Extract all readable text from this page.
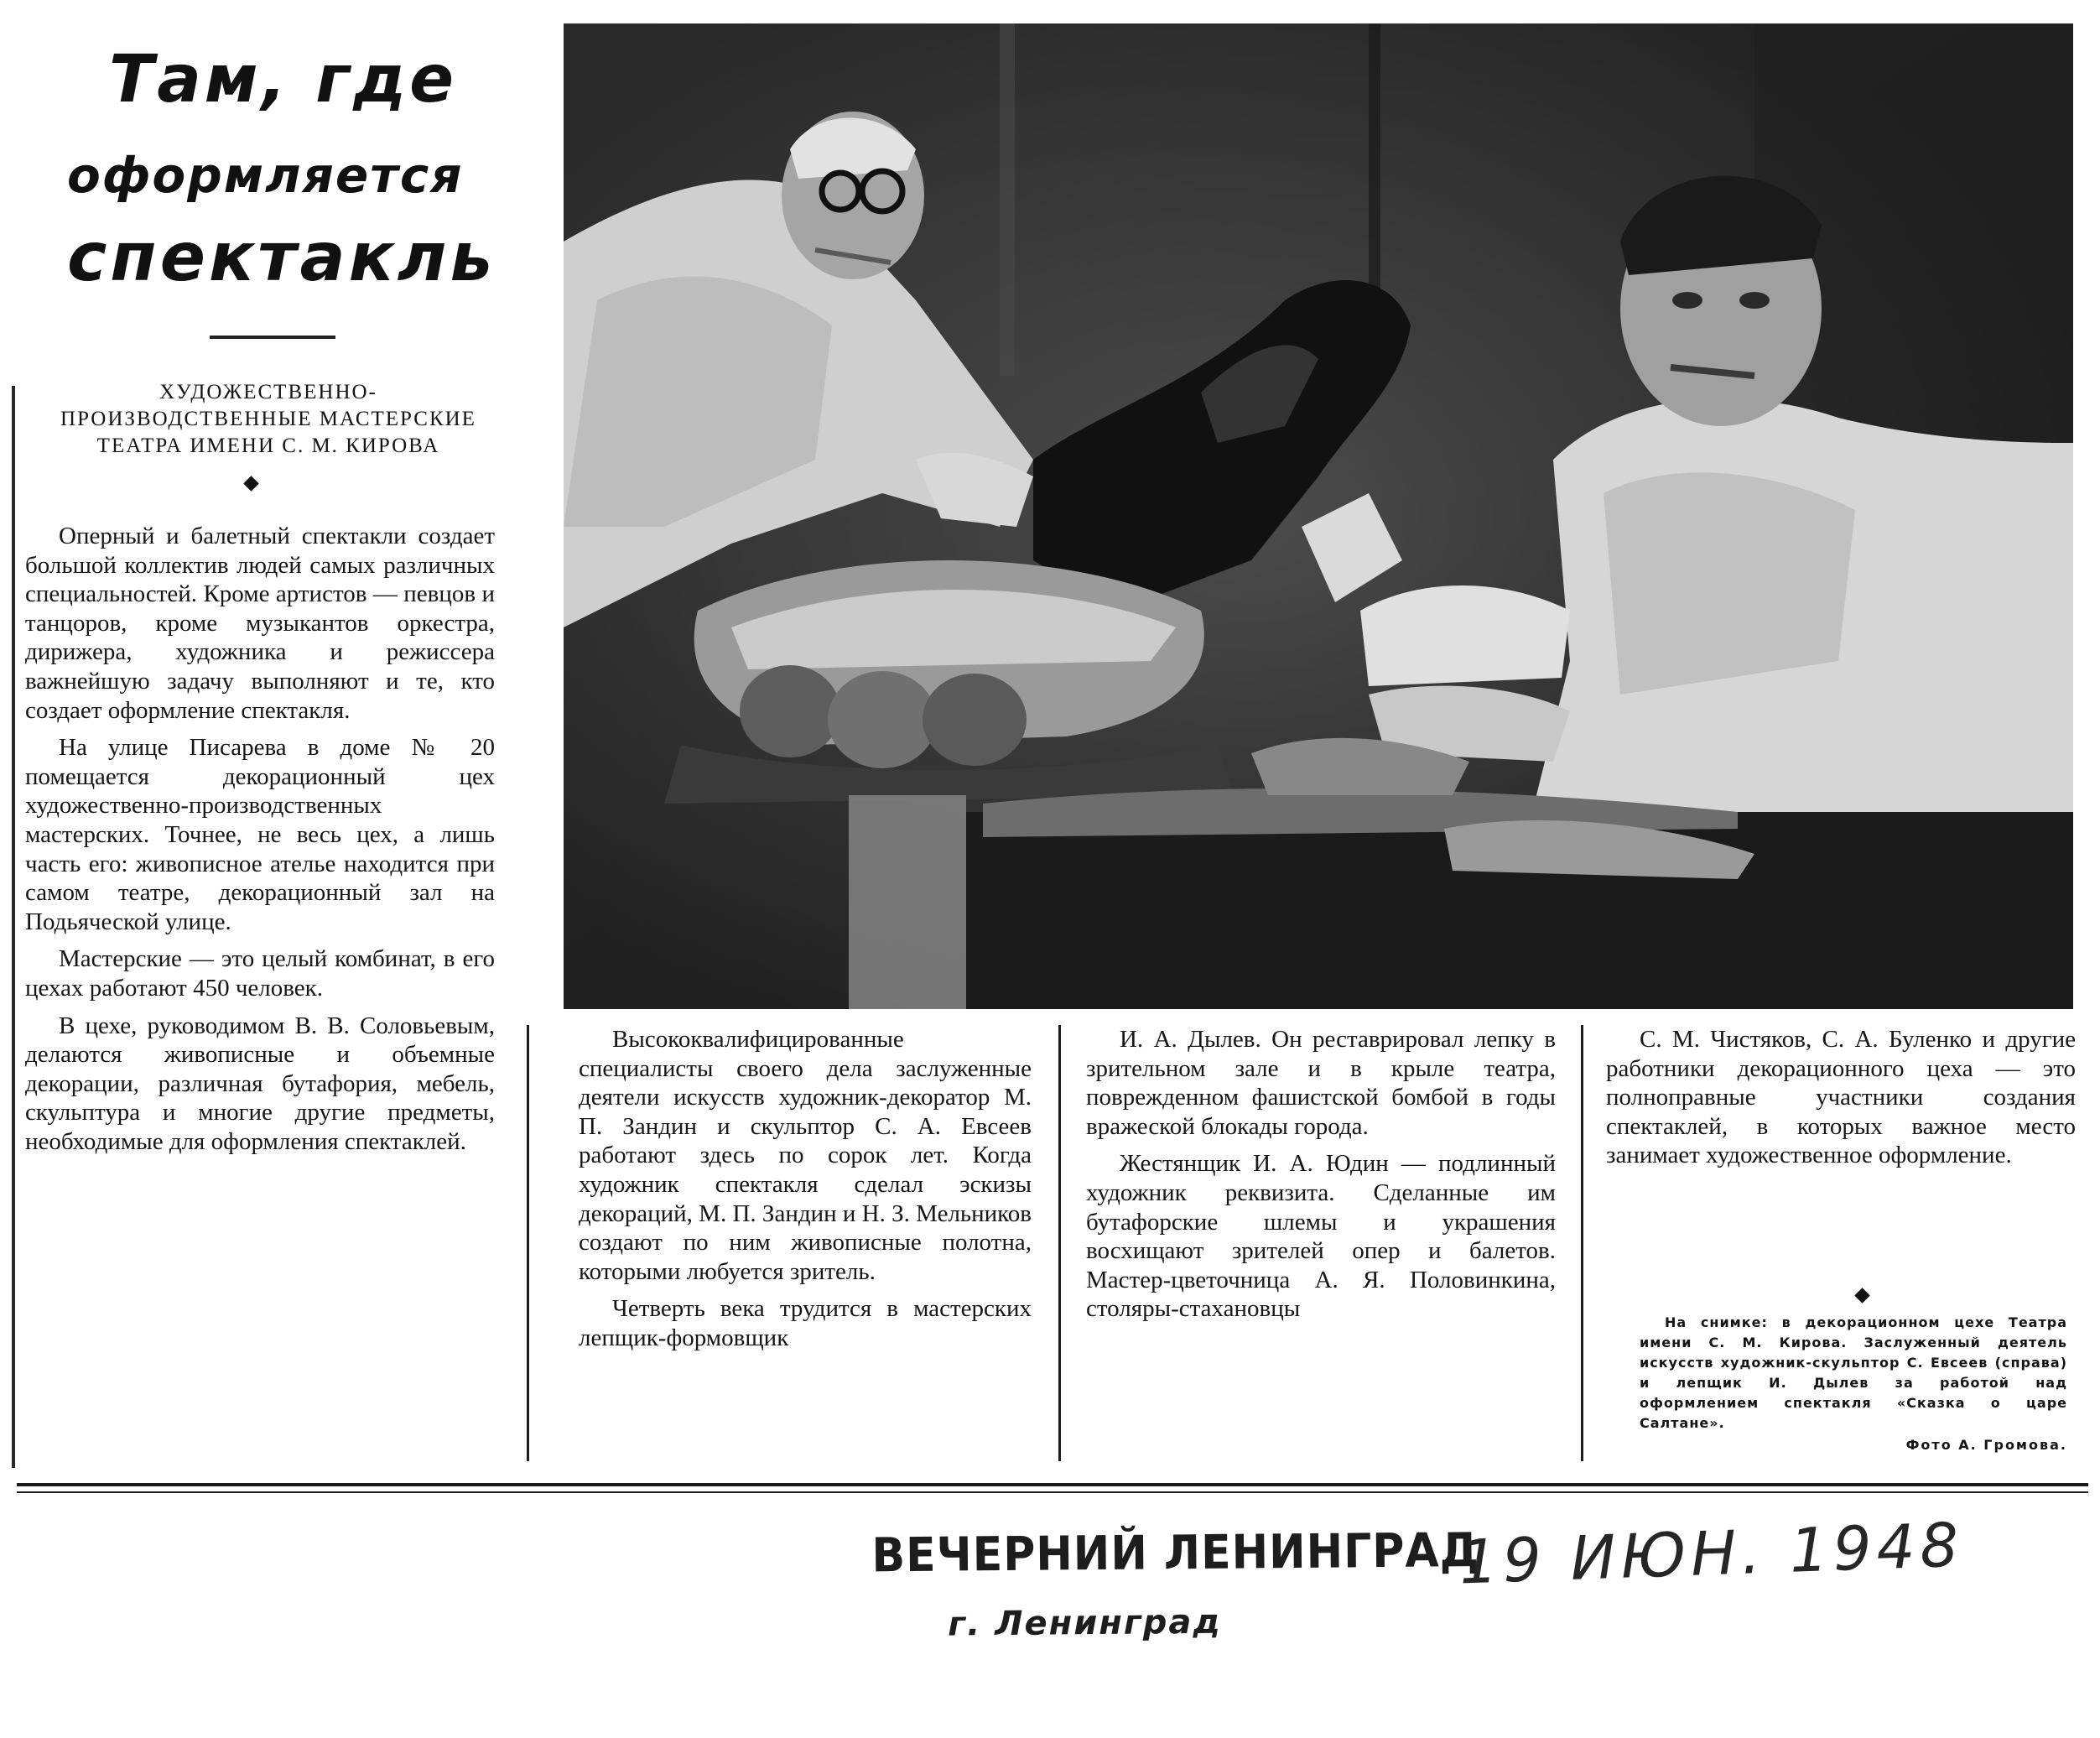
Там, где
оформляется
спектакль
ХУДОЖЕСТВЕННО-
ПРОИЗВОДСТВЕННЫЕ МАСТЕРСКИЕ
ТЕАТРА ИМЕНИ С. М. КИРОВА

Оперный и балетный спектакли создает большой коллектив людей самых различных специальностей. Кроме артистов — певцов и танцоров, кроме музыкантов оркестра, дирижера, художника и режиссера важнейшую задачу выполняют и те, кто создает оформление спектакля.

На улице Писарева в доме № 20 помещается декорационный цех художественно-производственных мастерских. Точнее, не весь цех, а лишь часть его: живописное ателье находится при самом театре, декорационный зал на Подьяческой улице.

Мастерские — это целый комбинат, в его цехах работают 450 человек.

В цехе, руководимом В. В. Соловьевым, делаются живописные и объемные декорации, различная бутафория, мебель, скульптура и многие другие предметы, необходимые для оформления спектаклей.

Высококвалифицированные специалисты своего дела заслуженные деятели искусств художник-декоратор М. П. Зандин и скульптор С. А. Евсеев работают здесь по сорок лет. Когда художник спектакля сделал эскизы декораций, М. П. Зандин и Н. З. Мельников создают по ним живописные полотна, которыми любуется зритель.

Четверть века трудится в мастерских лепщик-формовщик

И. А. Дылев. Он реставрировал лепку в зрительном зале и в крыле театра, поврежденном фашистской бомбой в годы вражеской блокады города.

Жестянщик И. А. Юдин — подлинный художник реквизита. Сделанные им бутафорские шлемы и украшения восхищают зрителей опер и балетов. Мастер-цветочница А. Я. Половинкина, столяры-стахановцы

С. М. Чистяков, С. А. Буленко и другие работники декорационного цеха — это полноправные участники создания спектаклей, в которых важное место занимает художественное оформление.

На снимке: в декорационном цехе Театра имени С. М. Кирова. Заслуженный деятель искусств художник-скульптор С. Евсеев (справа) и лепщик И. Дылев за работой над оформлением спектакля «Сказка о царе Салтане».
Фото А. Громова.
ВЕЧЕРНИЙ ЛЕНИНГРАД
г. Ленинград
19 ИЮН. 1948
